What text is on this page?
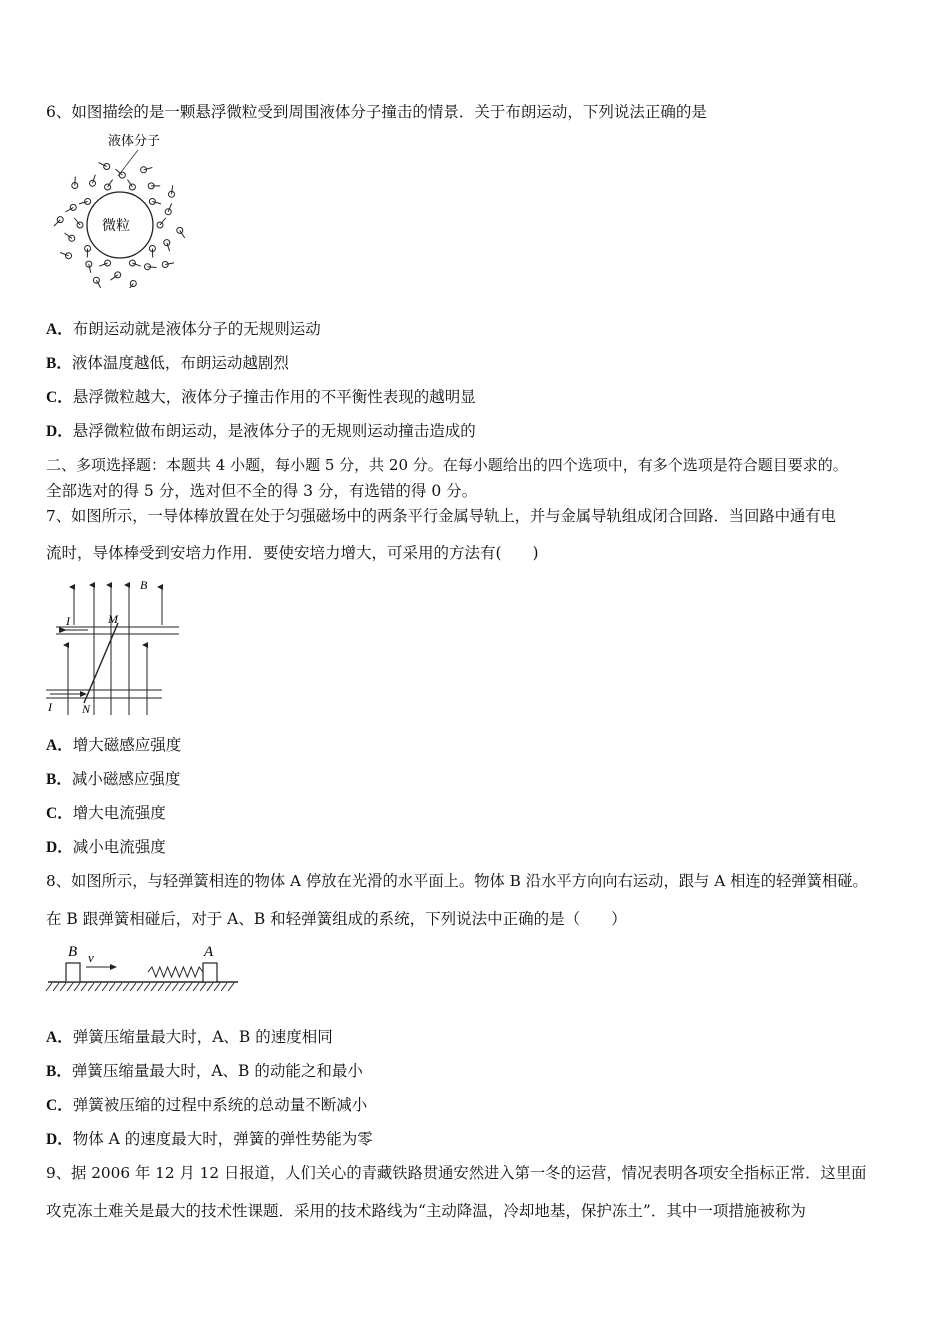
6、如图描绘的是一颗悬浮微粒受到周围液体分子撞击的情景．关于布朗运动，下列说法正确的是
液体分子
微粒
A．布朗运动就是液体分子的无规则运动
B．液体温度越低，布朗运动越剧烈
C．悬浮微粒越大，液体分子撞击作用的不平衡性表现的越明显
D．悬浮微粒做布朗运动，是液体分子的无规则运动撞击造成的
二、多项选择题：本题共 4 小题，每小题 5 分，共 20 分。在每小题给出的四个选项中，有多个选项是符合题目要求的。
全部选对的得 5 分，选对但不全的得 3 分，有选错的得 0 分。
7、如图所示，一导体棒放置在处于匀强磁场中的两条平行金属导轨上，并与金属导轨组成闭合回路．当回路中通有电
流时，导体棒受到安培力作用．要使安培力增大，可采用的方法有(　　)
B
I	M
I	N
A．增大磁感应强度
B．减小磁感应强度
C．增大电流强度
D．减小电流强度
8、如图所示，与轻弹簧相连的物体 A 停放在光滑的水平面上。物体 B 沿水平方向向右运动，跟与 A 相连的轻弹簧相碰。
在 B 跟弹簧相碰后，对于 A、B 和轻弹簧组成的系统，下列说法中正确的是（　　）
B v	A
A．弹簧压缩量最大时，A、B 的速度相同
B．弹簧压缩量最大时，A、B 的动能之和最小
C．弹簧被压缩的过程中系统的总动量不断减小
D．物体 A 的速度最大时，弹簧的弹性势能为零
9、据 2006 年 12 月 12 日报道，人们关心的青藏铁路贯通安然进入第一冬的运营，情况表明各项安全指标正常．这里面
攻克冻土难关是最大的技术性课题．采用的技术路线为“主动降温，冷却地基，保护冻土”．其中一项措施被称为
